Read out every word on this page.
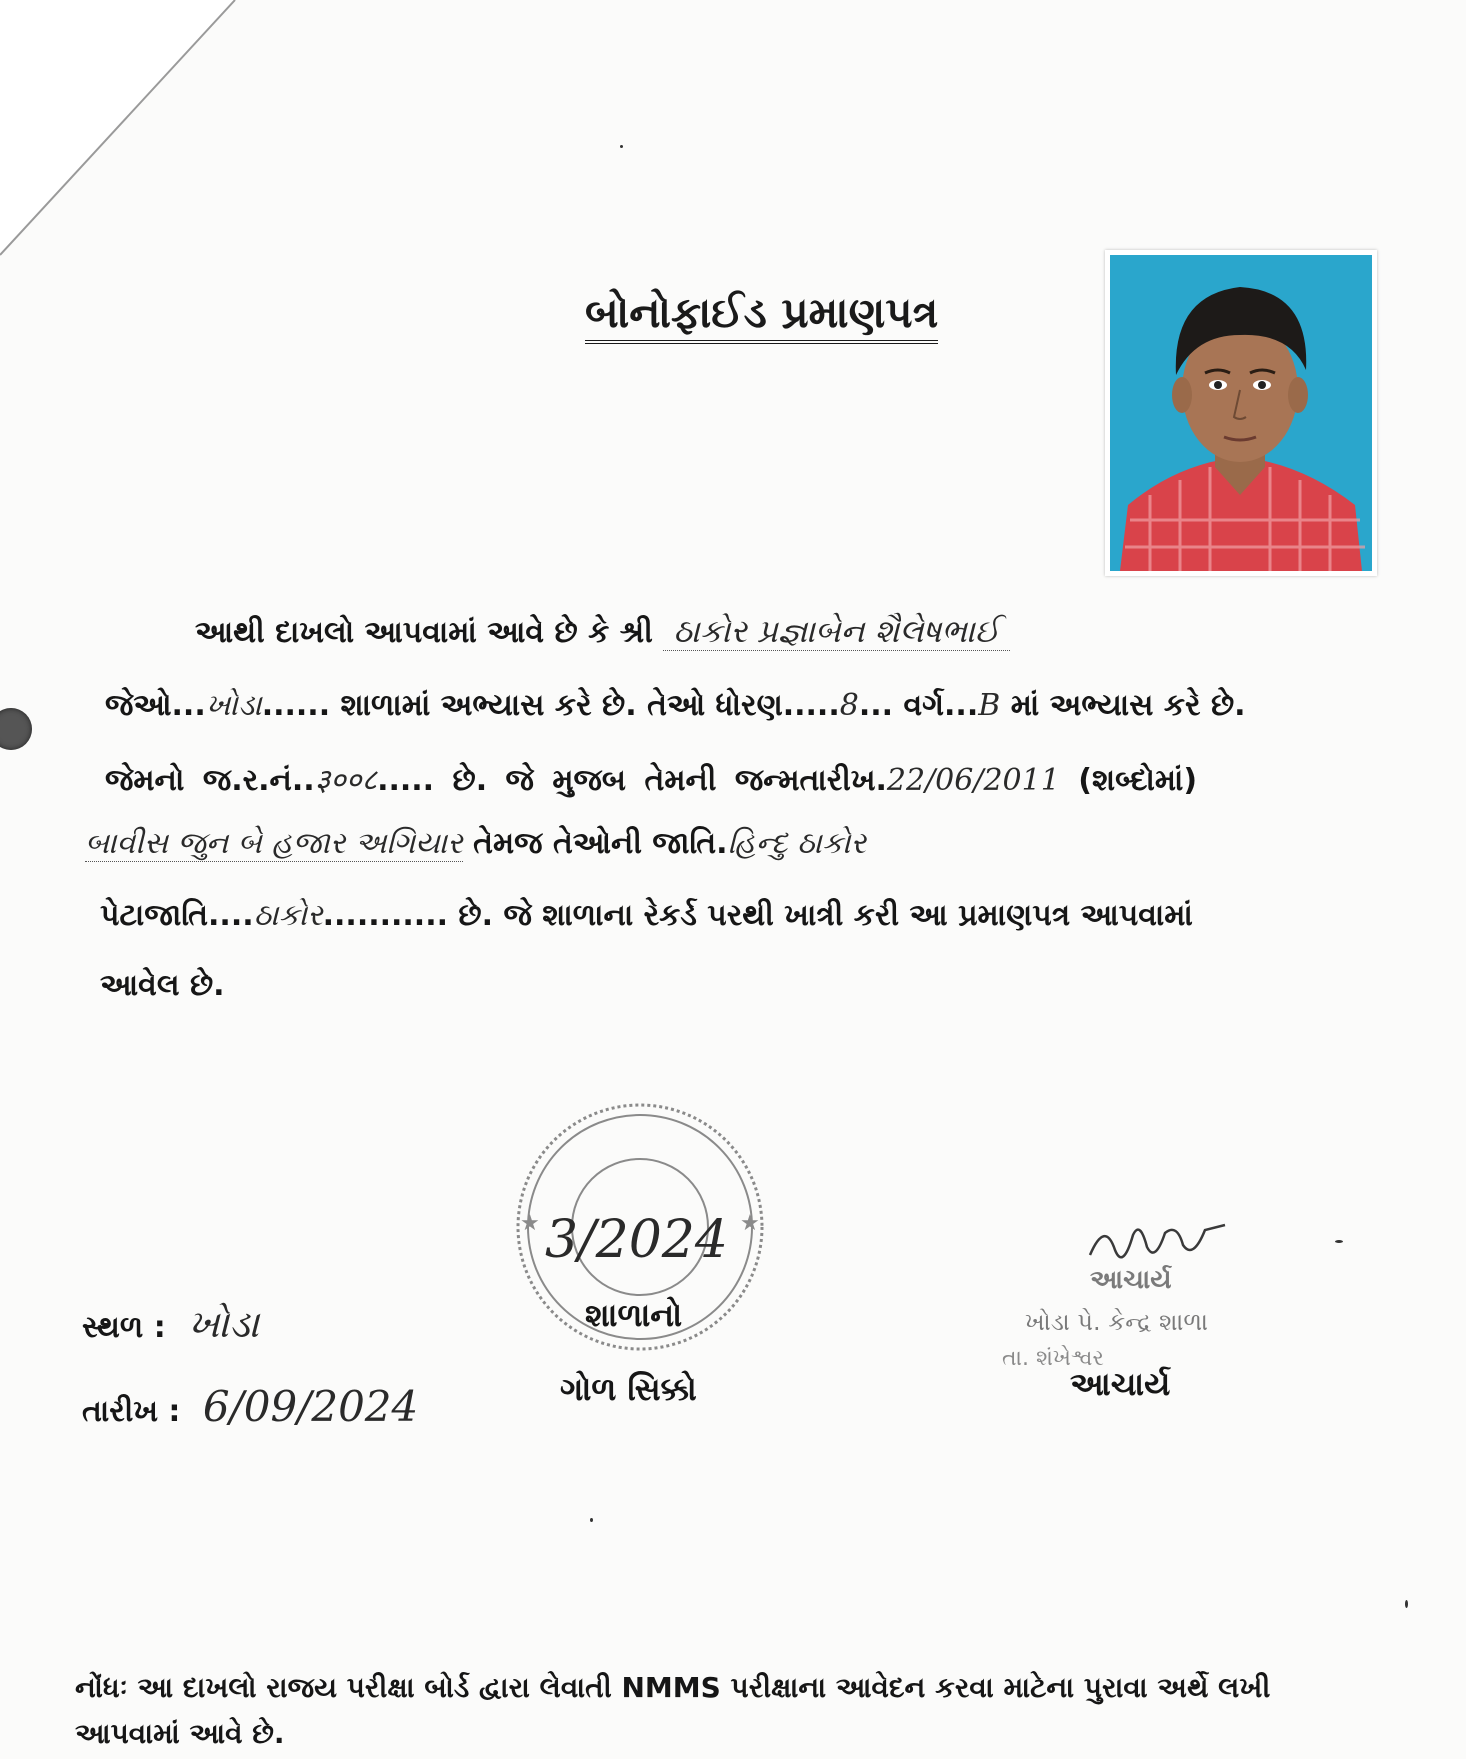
બોનોફાઈડ પ્રમાણપત્ર
આથી દાખલો આપવામાં આવે છે કે શ્રી ઠાકોર પ્રજ્ઞાબેન શૈલેષભાઈ
જેઓ...ખોડા...... શાળામાં અભ્યાસ કરે છે. તેઓ ધોરણ.....8... વર્ગ...B માં અભ્યાસ કરે છે.
જેમનો જ.ર.નં..३००८..... છે. જે મુજબ તેમની જન્મતારીખ.22/06/2011 (શબ્દોમાં)
બાવીસ જુન બે હજાર અગિયાર તેમજ તેઓની જાતિ.હિન્દુ ઠાકોર
પેટાજાતિ....ઠાકોર........... છે. જે શાળાના રેકર્ડ પરથી ખાત્રી કરી આ પ્રમાણપત્ર આપવામાં
આવેલ છે.
★	★
3/2024
શાળાનો
ગોળ સિક્કો
સ્થળ : ખોડા
તારીખ : 6/09/2024
આચાર્ય
ખોડા પે. કેન્દ્ર શાળા
તા. શંખેશ્વર
આચાર્ય
નોંધઃ આ દાખલો રાજય પરીક્ષા બોર્ડ દ્વારા લેવાતી NMMS પરીક્ષાના આવેદન કરવા માટેના પુરાવા અર્થે લખી આપવામાં આવે છે.
